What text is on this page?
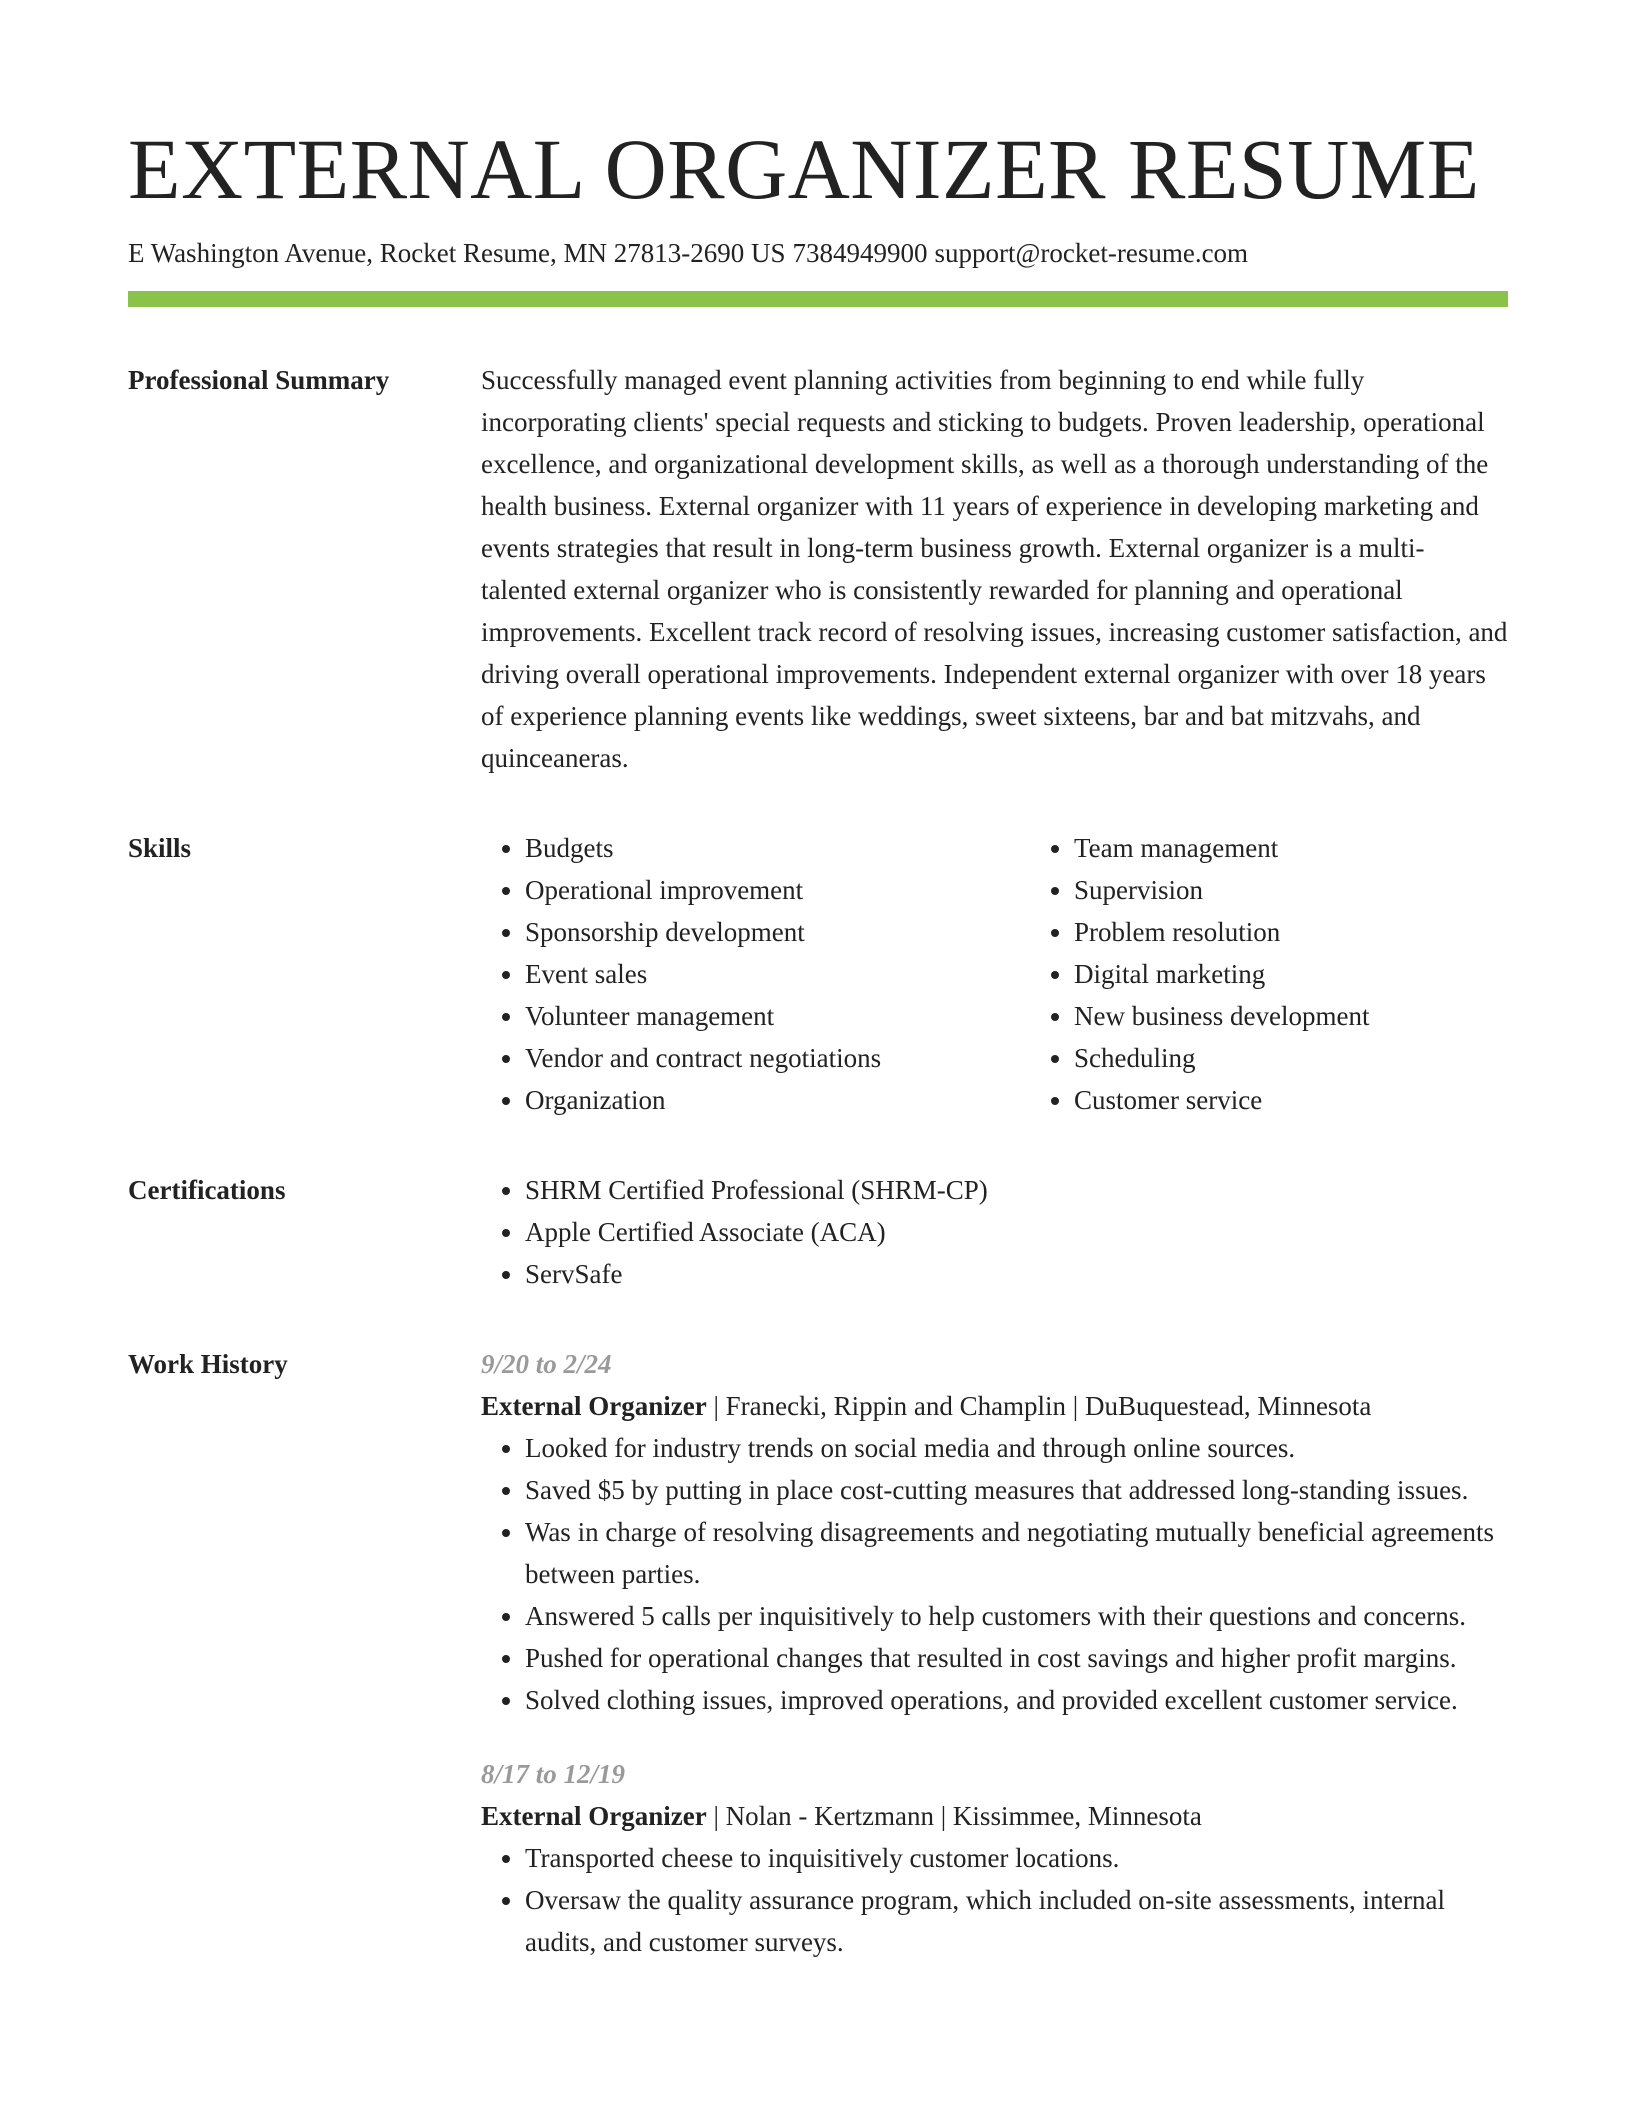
EXTERNAL ORGANIZER RESUME
E Washington Avenue, Rocket Resume, MN 27813-2690 US 7384949900 support@rocket-resume.com
Professional Summary	Successfully managed event planning activities from beginning to end while fully incorporating clients' special requests and sticking to budgets. Proven leadership, operational excellence, and organizational development skills, as well as a thorough understanding of the health business. External organizer with 11 years of experience in developing marketing and events strategies that result in long-term business growth. External organizer is a multi-talented external organizer who is consistently rewarded for planning and operational improvements. Excellent track record of resolving issues, increasing customer satisfaction, and driving overall operational improvements. Independent external organizer with over 18 years of experience planning events like weddings, sweet sixteens, bar and bat mitzvahs, and quinceaneras.

Skills	• Budgets
• Operational improvement
• Sponsorship development
• Event sales
• Volunteer management
• Vendor and contract negotiations
• Organization
• Team management
• Supervision
• Problem resolution
• Digital marketing
• New business development
• Scheduling
• Customer service
Certifications	• SHRM Certified Professional (SHRM-CP)
• Apple Certified Associate (ACA)
• ServSafe
Work History	9/20 to 2/24
External Organizer | Franecki, Rippin and Champlin | DuBuquestead, Minnesota
• Looked for industry trends on social media and through online sources.
• Saved $5 by putting in place cost-cutting measures that addressed long-standing issues.
• Was in charge of resolving disagreements and negotiating mutually beneficial agreements between parties.
• Answered 5 calls per inquisitively to help customers with their questions and concerns.
• Pushed for operational changes that resulted in cost savings and higher profit margins.
• Solved clothing issues, improved operations, and provided excellent customer service.
8/17 to 12/19
External Organizer | Nolan - Kertzmann | Kissimmee, Minnesota
• Transported cheese to inquisitively customer locations.
• Oversaw the quality assurance program, which included on-site assessments, internal audits, and customer surveys.
